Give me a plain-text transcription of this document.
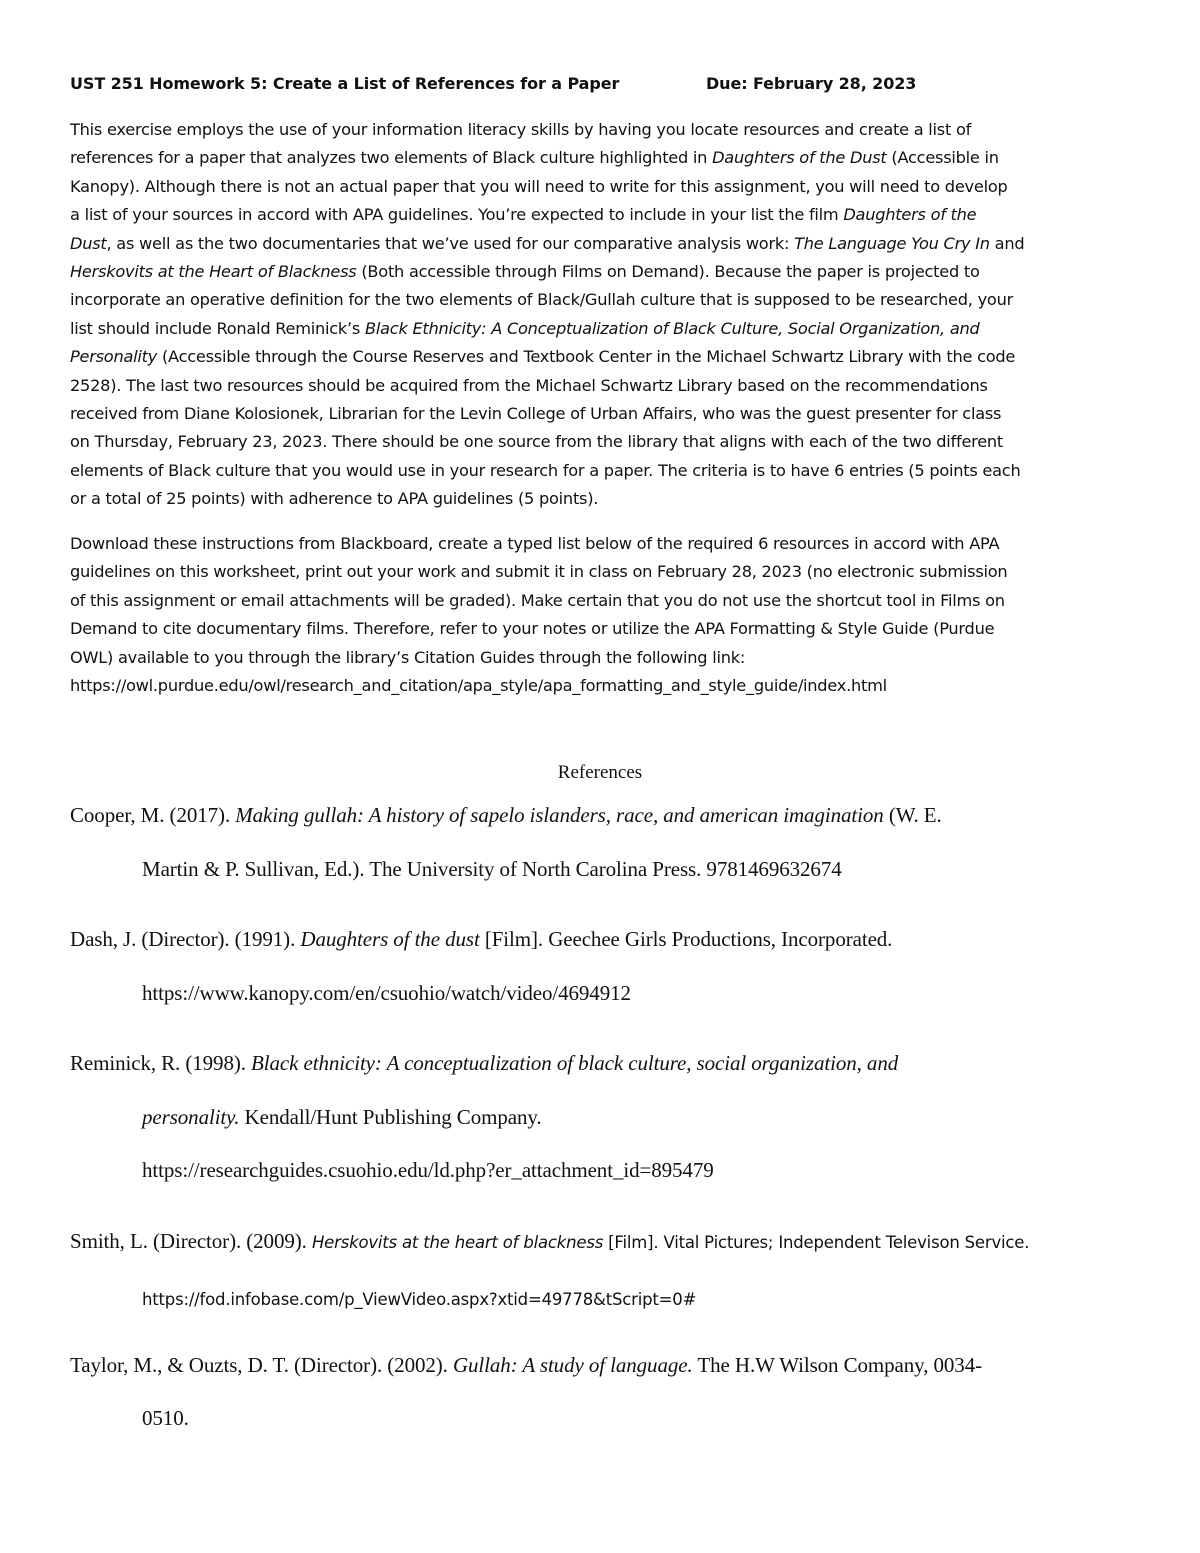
UST 251 Homework 5: Create a List of References for a Paper	Due: February 28, 2023
This exercise employs the use of your information literacy skills by having you locate resources and create a list of
references for a paper that analyzes two elements of Black culture highlighted in Daughters of the Dust (Accessible in
Kanopy). Although there is not an actual paper that you will need to write for this assignment, you will need to develop
a list of your sources in accord with APA guidelines. You’re expected to include in your list the film Daughters of the
Dust, as well as the two documentaries that we’ve used for our comparative analysis work: The Language You Cry In and
Herskovits at the Heart of Blackness (Both accessible through Films on Demand). Because the paper is projected to
incorporate an operative definition for the two elements of Black/Gullah culture that is supposed to be researched, your
list should include Ronald Reminick’s Black Ethnicity: A Conceptualization of Black Culture, Social Organization, and
Personality (Accessible through the Course Reserves and Textbook Center in the Michael Schwartz Library with the code
2528). The last two resources should be acquired from the Michael Schwartz Library based on the recommendations
received from Diane Kolosionek, Librarian for the Levin College of Urban Affairs, who was the guest presenter for class
on Thursday, February 23, 2023. There should be one source from the library that aligns with each of the two different
elements of Black culture that you would use in your research for a paper. The criteria is to have 6 entries (5 points each
or a total of 25 points) with adherence to APA guidelines (5 points).
Download these instructions from Blackboard, create a typed list below of the required 6 resources in accord with APA
guidelines on this worksheet, print out your work and submit it in class on February 28, 2023 (no electronic submission
of this assignment or email attachments will be graded). Make certain that you do not use the shortcut tool in Films on
Demand to cite documentary films. Therefore, refer to your notes or utilize the APA Formatting & Style Guide (Purdue
OWL) available to you through the library’s Citation Guides through the following link:
https://owl.purdue.edu/owl/research_and_citation/apa_style/apa_formatting_and_style_guide/index.html
References
Cooper, M. (2017). Making gullah: A history of sapelo islanders, race, and american imagination (W. E.
Martin & P. Sullivan, Ed.). The University of North Carolina Press. 9781469632674
Dash, J. (Director). (1991). Daughters of the dust [Film]. Geechee Girls Productions, Incorporated.
https://www.kanopy.com/en/csuohio/watch/video/4694912
Reminick, R. (1998). Black ethnicity: A conceptualization of black culture, social organization, and
personality. Kendall/Hunt Publishing Company.
https://researchguides.csuohio.edu/ld.php?er_attachment_id=895479
Smith, L. (Director). (2009). Herskovits at the heart of blackness [Film]. Vital Pictures; Independent Televison Service.
https://fod.infobase.com/p_ViewVideo.aspx?xtid=49778&tScript=0#
Taylor, M., & Ouzts, D. T. (Director). (2002). Gullah: A study of language. The H.W Wilson Company, 0034-
0510.
